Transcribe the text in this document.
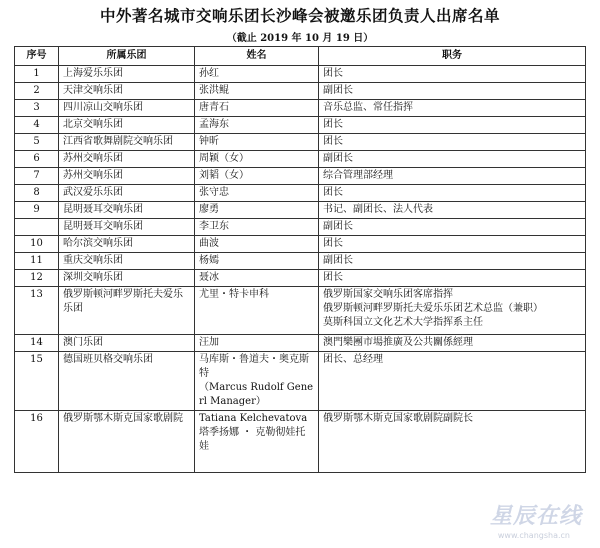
中外著名城市交响乐团长沙峰会被邀乐团负责人出席名单
（截止 2019 年 10 月 19 日）
序号	所属乐团	姓名	职务
1	上海爱乐乐团	孙红	团长

2	天津交响乐团	张洪鲲	副团长

3	四川凉山交响乐团	唐青石	音乐总监、常任指挥

4	北京交响乐团	孟海东	团长

5	江西省歌舞剧院交响乐团	钟昕	团长

6	苏州交响乐团	周颖（女）	副团长

7	苏州交响乐团	刘韬（女）	综合管理部经理

8	武汉爱乐乐团	张守忠	团长

9	昆明聂耳交响乐团	廖勇	书记、副团长、法人代表

	昆明聂耳交响乐团	李卫东	副团长

10	哈尔滨交响乐团	曲波	团长

11	重庆交响乐团	杨嫣	副团长

12	深圳交响乐团	聂冰	团长

13	俄罗斯顿河畔罗斯托夫爱乐乐团	尤里・特卡申科	俄罗斯国家交响乐团客席指挥
俄罗斯顿河畔罗斯托夫爱乐乐团艺术总监（兼职）
莫斯科国立文化艺术大学指挥系主任

14	澳门乐团	汪加	澳門樂團市場推廣及公共關係經理

15	德国班贝格交响乐团	马库斯・鲁道夫・奥克斯特
（Marcus Rudolf Generl Manager）	团长、总经理

16	俄罗斯鄂木斯克国家歌剧院	Tatiana Kelchevatova
塔季扬娜 ・ 克勒彻娃托娃	俄罗斯鄂木斯克国家歌剧院副院长
星辰在线
www.changsha.cn
